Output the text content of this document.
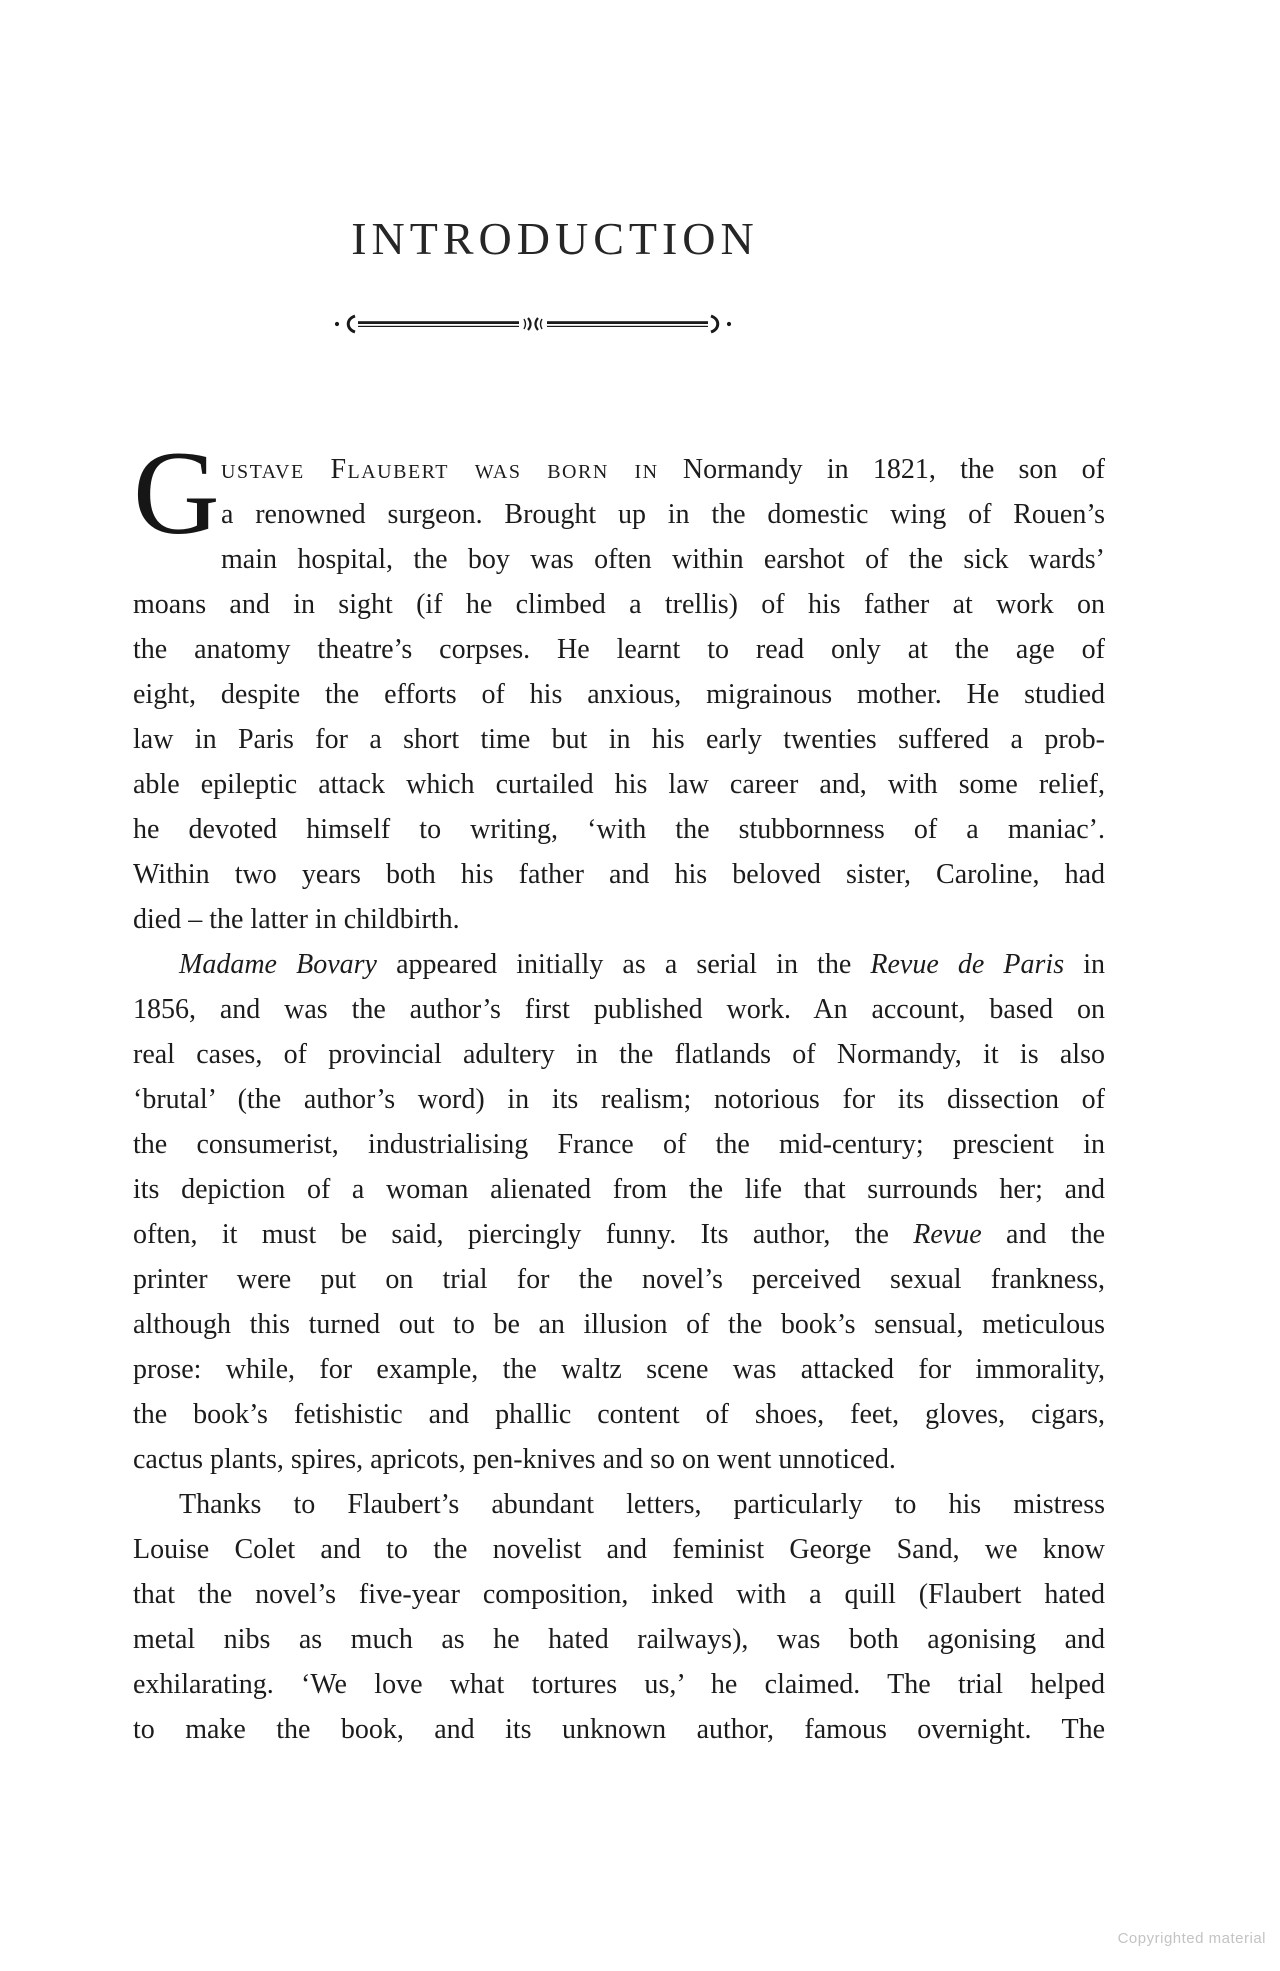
INTRODUCTION
G ustave Flaubert was born in Normandy in 1821, the son of
a renowned surgeon. Brought up in the domestic wing of Rouen’s
main hospital, the boy was often within earshot of the sick wards’
moans and in sight (if he climbed a trellis) of his father at work on
the anatomy theatre’s corpses. He learnt to read only at the age of
eight, despite the efforts of his anxious, migrainous mother. He studied
law in Paris for a short time but in his early twenties suffered a prob-
able epileptic attack which curtailed his law career and, with some relief,
he devoted himself to writing, ‘with the stubbornness of a maniac’.
Within two years both his father and his beloved sister, Caroline, had
died – the latter in childbirth.
Madame Bovary appeared initially as a serial in the Revue de Paris in
1856, and was the author’s first published work. An account, based on
real cases, of provincial adultery in the flatlands of Normandy, it is also
‘brutal’ (the author’s word) in its realism; notorious for its dissection of
the consumerist, industrialising France of the mid-century; prescient in
its depiction of a woman alienated from the life that surrounds her; and
often, it must be said, piercingly funny. Its author, the Revue and the
printer were put on trial for the novel’s perceived sexual frankness,
although this turned out to be an illusion of the book’s sensual, meticulous
prose: while, for example, the waltz scene was attacked for immorality,
the book’s fetishistic and phallic content of shoes, feet, gloves, cigars,
cactus plants, spires, apricots, pen-knives and so on went unnoticed.
Thanks to Flaubert’s abundant letters, particularly to his mistress
Louise Colet and to the novelist and feminist George Sand, we know
that the novel’s five-year composition, inked with a quill (Flaubert hated
metal nibs as much as he hated railways), was both agonising and
exhilarating. ‘We love what tortures us,’ he claimed. The trial helped
to make the book, and its unknown author, famous overnight. The
Copyrighted material
